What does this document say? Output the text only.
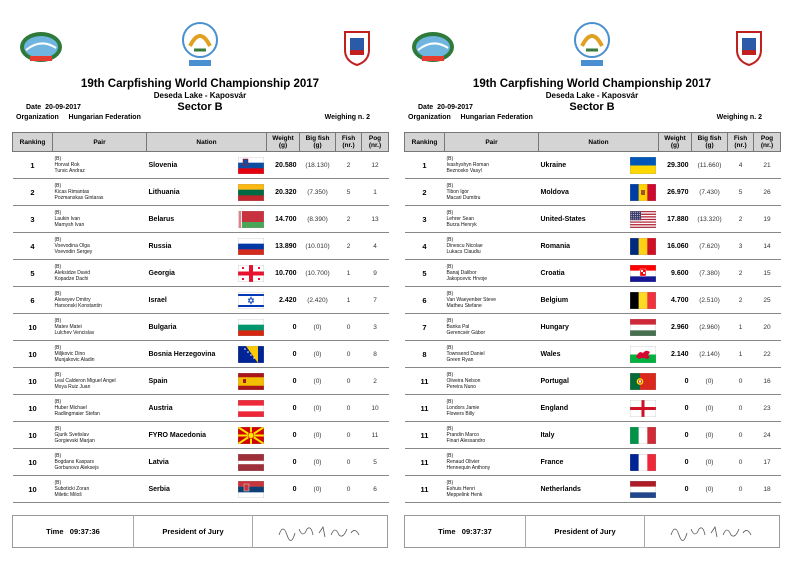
19th Carpfishing World Championship 2017
Deseda Lake - Kaposvár
Sector B
Date 20-09-2017
Organization Hungarian Federation	Weighing n. 2
Ranking	Pair	Nation		Weight
(g)	Big fish
(g)	Fish
(nr.)	Pog
(nr.)
1	(B)
Horvat Rok
Tursic Andraz	Slovenia		20.580	(18.130)	2	12
2	(B)
Kicas Rimantas
Pozmanskas Gintaras	Lithuania		20.320	(7.350)	5	1
3	(B)
Laukin Ivan
Mamysh Ivan	Belarus		14.700	(8.390)	2	13
4	(B)
Voevodina Olga
Voevodin Sergey	Russia		13.890	(10.010)	2	4
5	(B)
Aleksidze David
Kopadze Dachi	Georgia		10.700	(10.700)	1	9
6	(B)
Alexeyev Dmitry
Harsonski Konstantin	Israel		2.420	(2.420)	1	7
10	(B)
Matev Matei
Lulchev Vencislav	Bulgaria		0	(0)	0	3
10	(B)
Miljkovic Dino
Munjakovic Aladin	Bosnia Herzegovina		0	(0)	0	8
10	(B)
Leal Calderon Miguel Angel
Moya Ruiz Juan	Spain		0	(0)	0	2
10	(B)
Huber Michael
Radlingmaier Stefan	Austria		0	(0)	0	10
10	(B)
Gjurik Svetislav
Gorgievski Marjan	FYRO Macedonia		0	(0)	0	11
10	(B)
Bogdans Kaspars
Gorbunovs Aleksejs	Latvia		0	(0)	0	5
10	(B)
Suboticki Zoran
Miletic Miloš	Serbia		0	(0)	0	6
Time 09:37:36	President of Jury
19th Carpfishing World Championship 2017
Deseda Lake - Kaposvár
Sector B
Date 20-09-2017
Organization Hungarian Federation	Weighing n. 2
Ranking	Pair	Nation		Weight
(g)	Big fish
(g)	Fish
(nr.)	Pog
(nr.)
1	(B)
Ivashyshyn Roman
Beznosko Vasyl	Ukraine		29.300	(11.660)	4	21
2	(B)
Tibon Igor
Macari Dumitru	Moldova		26.970	(7.430)	5	26
3	(B)
Lehrer Sean
Burza Henryk	United-States		17.880	(13.320)	2	19
4	(B)
Dinescu Nicolae
Lukacs Claudiu	Romania		16.060	(7.620)	3	14
5	(B)
Banaj Dalibor
Jakopcevic Hrvoje	Croatia		9.600	(7.380)	2	15
6	(B)
Van Waeyenber Steve
Matheu Stefane	Belgium		4.700	(2.510)	2	25
7	(B)
Banka Pal
Gerencsér Gábor	Hungary		2.960	(2.960)	1	20
8	(B)
Townsend Daniel
Green Ryan	Wales		2.140	(2.140)	1	22
11	(B)
Oliveira Nelson
Pereira Nuno	Portugal		0	(0)	0	16
11	(B)
Londors Jamie
Flowers Billy	England		0	(0)	0	23
11	(B)
Prandin Marco
Finari Alessandro	Italy		0	(0)	0	24
11	(B)
Renaud Olivier
Hennequin Anthony	France		0	(0)	0	17
11	(B)
Eshuis Henri
Meppelink Henk	Netherlands		0	(0)	0	18
Time 09:37:37	President of Jury
